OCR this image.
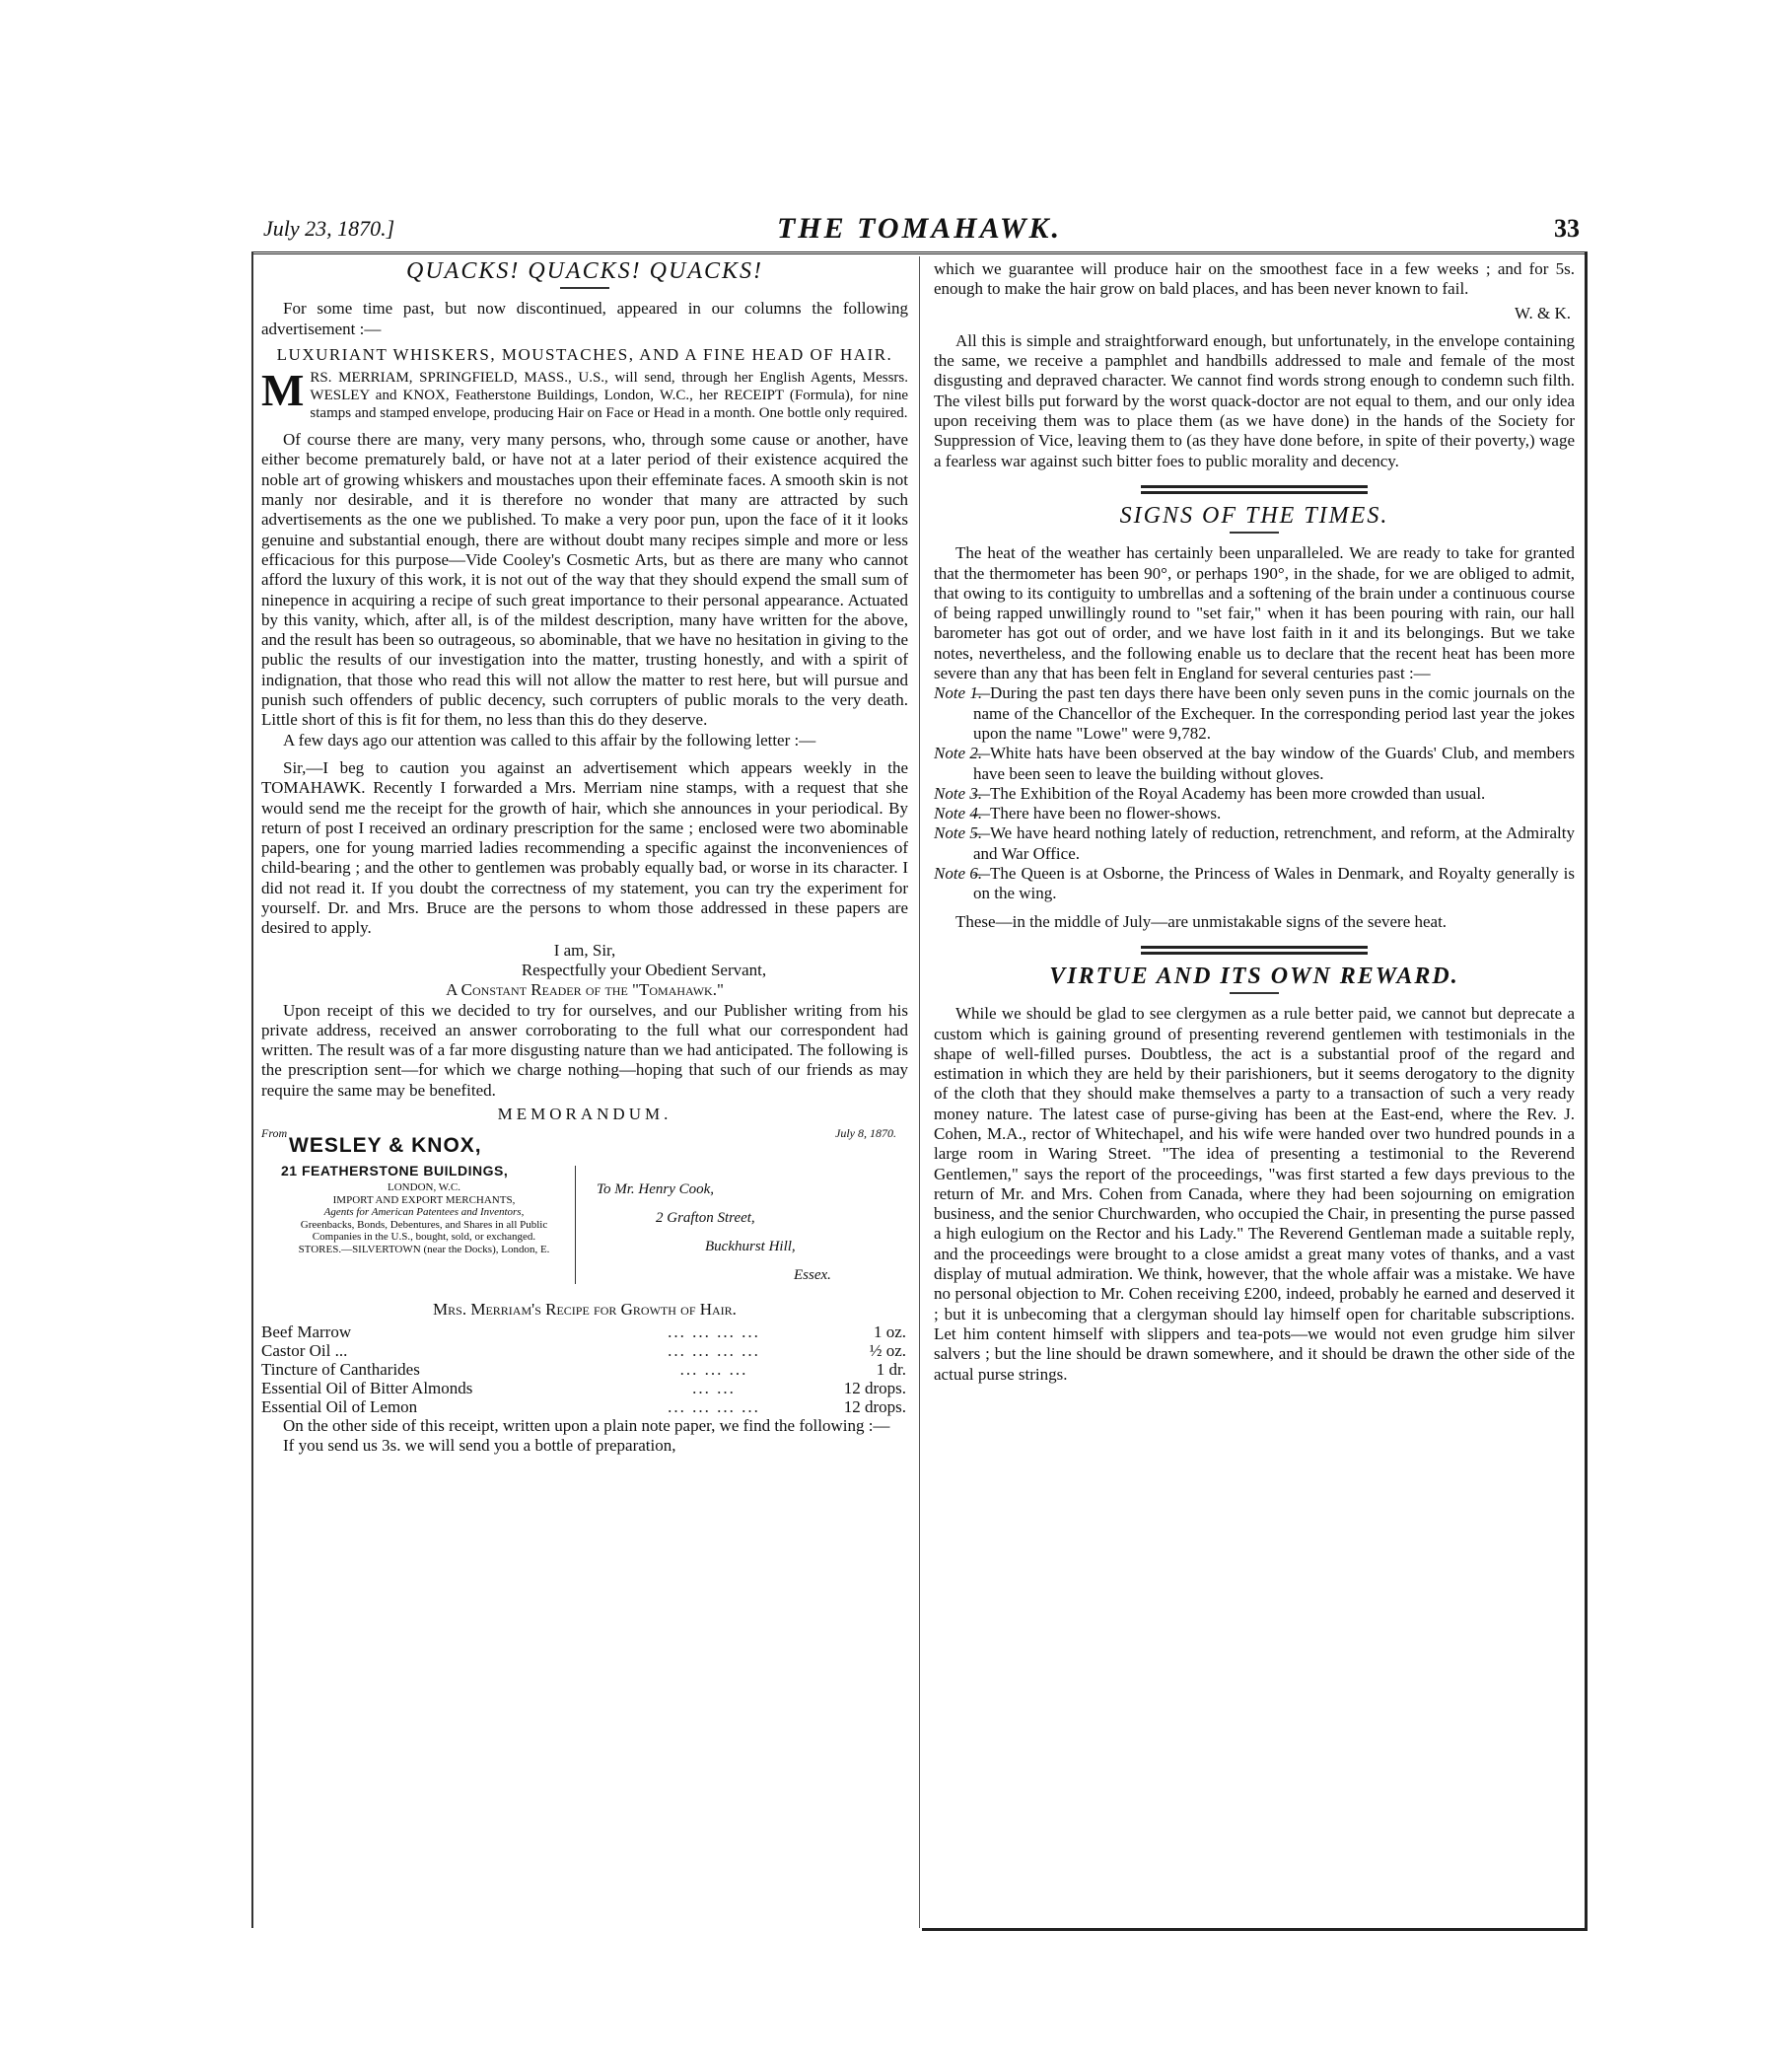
July 23, 1870.]	THE TOMAHAWK.	33
QUACKS! QUACKS! QUACKS!

For some time past, but now discontinued, appeared in our columns the following advertisement :—

LUXURIANT WHISKERS, MOUSTACHES, AND A FINE HEAD OF HAIR.

MRS. MERRIAM, SPRINGFIELD, MASS., U.S., will send, through her English Agents, Messrs. WESLEY and KNOX, Featherstone Buildings, London, W.C., her RECEIPT (Formula), for nine stamps and stamped envelope, producing Hair on Face or Head in a month. One bottle only required.

Of course there are many, very many persons, who, through some cause or another, have either become prematurely bald, or have not at a later period of their existence acquired the noble art of growing whiskers and moustaches upon their effeminate faces. A smooth skin is not manly nor desirable, and it is therefore no wonder that many are attracted by such advertisements as the one we published. To make a very poor pun, upon the face of it it looks genuine and substantial enough, there are without doubt many recipes simple and more or less efficacious for this purpose—Vide Cooley's Cosmetic Arts, but as there are many who cannot afford the luxury of this work, it is not out of the way that they should expend the small sum of ninepence in acquiring a recipe of such great importance to their personal appearance. Actuated by this vanity, which, after all, is of the mildest description, many have written for the above, and the result has been so outrageous, so abominable, that we have no hesitation in giving to the public the results of our investigation into the matter, trusting honestly, and with a spirit of indignation, that those who read this will not allow the matter to rest here, but will pursue and punish such offenders of public decency, such corrupters of public morals to the very death. Little short of this is fit for them, no less than this do they deserve.

A few days ago our attention was called to this affair by the following letter :—

Sir,—I beg to caution you against an advertisement which appears weekly in the TOMAHAWK. Recently I forwarded a Mrs. Merriam nine stamps, with a request that she would send me the receipt for the growth of hair, which she announces in your periodical. By return of post I received an ordinary prescription for the same ; enclosed were two abominable papers, one for young married ladies recommending a specific against the inconveniences of child-bearing ; and the other to gentlemen was probably equally bad, or worse in its character. I did not read it. If you doubt the correctness of my statement, you can try the experiment for yourself. Dr. and Mrs. Bruce are the persons to whom those addressed in these papers are desired to apply.

I am, Sir,
Respectfully your Obedient Servant,
A Constant Reader of the "Tomahawk."

Upon receipt of this we decided to try for ourselves, and our Publisher writing from his private address, received an answer corroborating to the full what our correspondent had written. The result was of a far more disgusting nature than we had anticipated. The following is the prescription sent—for which we charge nothing—hoping that such of our friends as may require the same may be benefited.

MEMORANDUM.
From	July 8, 1870.
WESLEY & KNOX,
21 FEATHERSTONE BUILDINGS,
LONDON, W.C.
IMPORT AND EXPORT MERCHANTS,
Agents for American Patentees and Inventors,
Greenbacks, Bonds, Debentures, and Shares in all Public Companies in the U.S., bought, sold, or exchanged.
STORES.—SILVERTOWN (near the Docks), London, E.
To Mr. Henry Cook,
2 Grafton Street,
Buckhurst Hill,
Essex.
Mrs. Merriam's Recipe for Growth of Hair.
Beef Marrow	... ... ... ...	1 oz.
Castor Oil ...	... ... ... ...	½ oz.
Tincture of Cantharides	... ... ...	1 dr.
Essential Oil of Bitter Almonds	... ...	12 drops.
Essential Oil of Lemon	... ... ... ...	12 drops.

On the other side of this receipt, written upon a plain note paper, we find the following :—

If you send us 3s. we will send you a bottle of preparation,

which we guarantee will produce hair on the smoothest face in a few weeks ; and for 5s. enough to make the hair grow on bald places, and has been never known to fail.

W. & K.

All this is simple and straightforward enough, but unfortunately, in the envelope containing the same, we receive a pamphlet and handbills addressed to male and female of the most disgusting and depraved character. We cannot find words strong enough to condemn such filth. The vilest bills put forward by the worst quack-doctor are not equal to them, and our only idea upon receiving them was to place them (as we have done) in the hands of the Society for Suppression of Vice, leaving them to (as they have done before, in spite of their poverty,) wage a fearless war against such bitter foes to public morality and decency.

SIGNS OF THE TIMES.

The heat of the weather has certainly been unparalleled. We are ready to take for granted that the thermometer has been 90°, or perhaps 190°, in the shade, for we are obliged to admit, that owing to its contiguity to umbrellas and a softening of the brain under a continuous course of being rapped unwillingly round to "set fair," when it has been pouring with rain, our hall barometer has got out of order, and we have lost faith in it and its belongings. But we take notes, nevertheless, and the following enable us to declare that the recent heat has been more severe than any that has been felt in England for several centuries past :—

Note 1.
—During the past ten days there have been only seven puns in the comic journals on the name of the Chancellor of the Exchequer. In the corresponding period last year the jokes upon the name "Lowe" were 9,782.

Note 2.
—White hats have been observed at the bay window of the Guards' Club, and members have been seen to leave the building without gloves.

Note 3.
—The Exhibition of the Royal Academy has been more crowded than usual.

Note 4.
—There have been no flower-shows.

Note 5.
—We have heard nothing lately of reduction, retrenchment, and reform, at the Admiralty and War Office.

Note 6.
—The Queen is at Osborne, the Princess of Wales in Denmark, and Royalty generally is on the wing.

These—in the middle of July—are unmistakable signs of the severe heat.

VIRTUE AND ITS OWN REWARD.

While we should be glad to see clergymen as a rule better paid, we cannot but deprecate a custom which is gaining ground of presenting reverend gentlemen with testimonials in the shape of well-filled purses. Doubtless, the act is a substantial proof of the regard and estimation in which they are held by their parishioners, but it seems derogatory to the dignity of the cloth that they should make themselves a party to a transaction of such a very ready money nature. The latest case of purse-giving has been at the East-end, where the Rev. J. Cohen, M.A., rector of Whitechapel, and his wife were handed over two hundred pounds in a large room in Waring Street. "The idea of presenting a testimonial to the Reverend Gentlemen," says the report of the proceedings, "was first started a few days previous to the return of Mr. and Mrs. Cohen from Canada, where they had been sojourning on emigration business, and the senior Churchwarden, who occupied the Chair, in presenting the purse passed a high eulogium on the Rector and his Lady." The Reverend Gentleman made a suitable reply, and the proceedings were brought to a close amidst a great many votes of thanks, and a vast display of mutual admiration. We think, however, that the whole affair was a mistake. We have no personal objection to Mr. Cohen receiving £200, indeed, probably he earned and deserved it ; but it is unbecoming that a clergyman should lay himself open for charitable subscriptions. Let him content himself with slippers and tea-pots—we would not even grudge him silver salvers ; but the line should be drawn somewhere, and it should be drawn the other side of the actual purse strings.
